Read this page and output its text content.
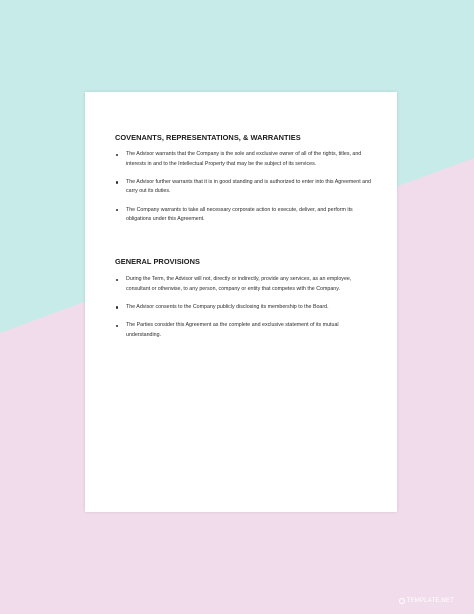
COVENANTS, REPRESENTATIONS, & WARRANTIES
The Advisor warrants that the Company is the sole and exclusive owner of all of the rights, titles, and interests in and to the Intellectual Property that may be the subject of its services.
The Advisor further warrants that it is in good standing and is authorized to enter into this Agreement and carry out its duties.
The Company warrants to take all necessary corporate action to execute, deliver, and perform its obligations under this Agreement.
GENERAL PROVISIONS
During the Term, the Advisor will not, directly or indirectly, provide any services, as an employee, consultant or otherwise, to any person, company or entity that competes with the Company.
The Advisor consents to the Company publicly disclosing its membership to the Board.
The Parties consider this Agreement as the complete and exclusive statement of its mutual understanding.
TEMPLATE.NET
